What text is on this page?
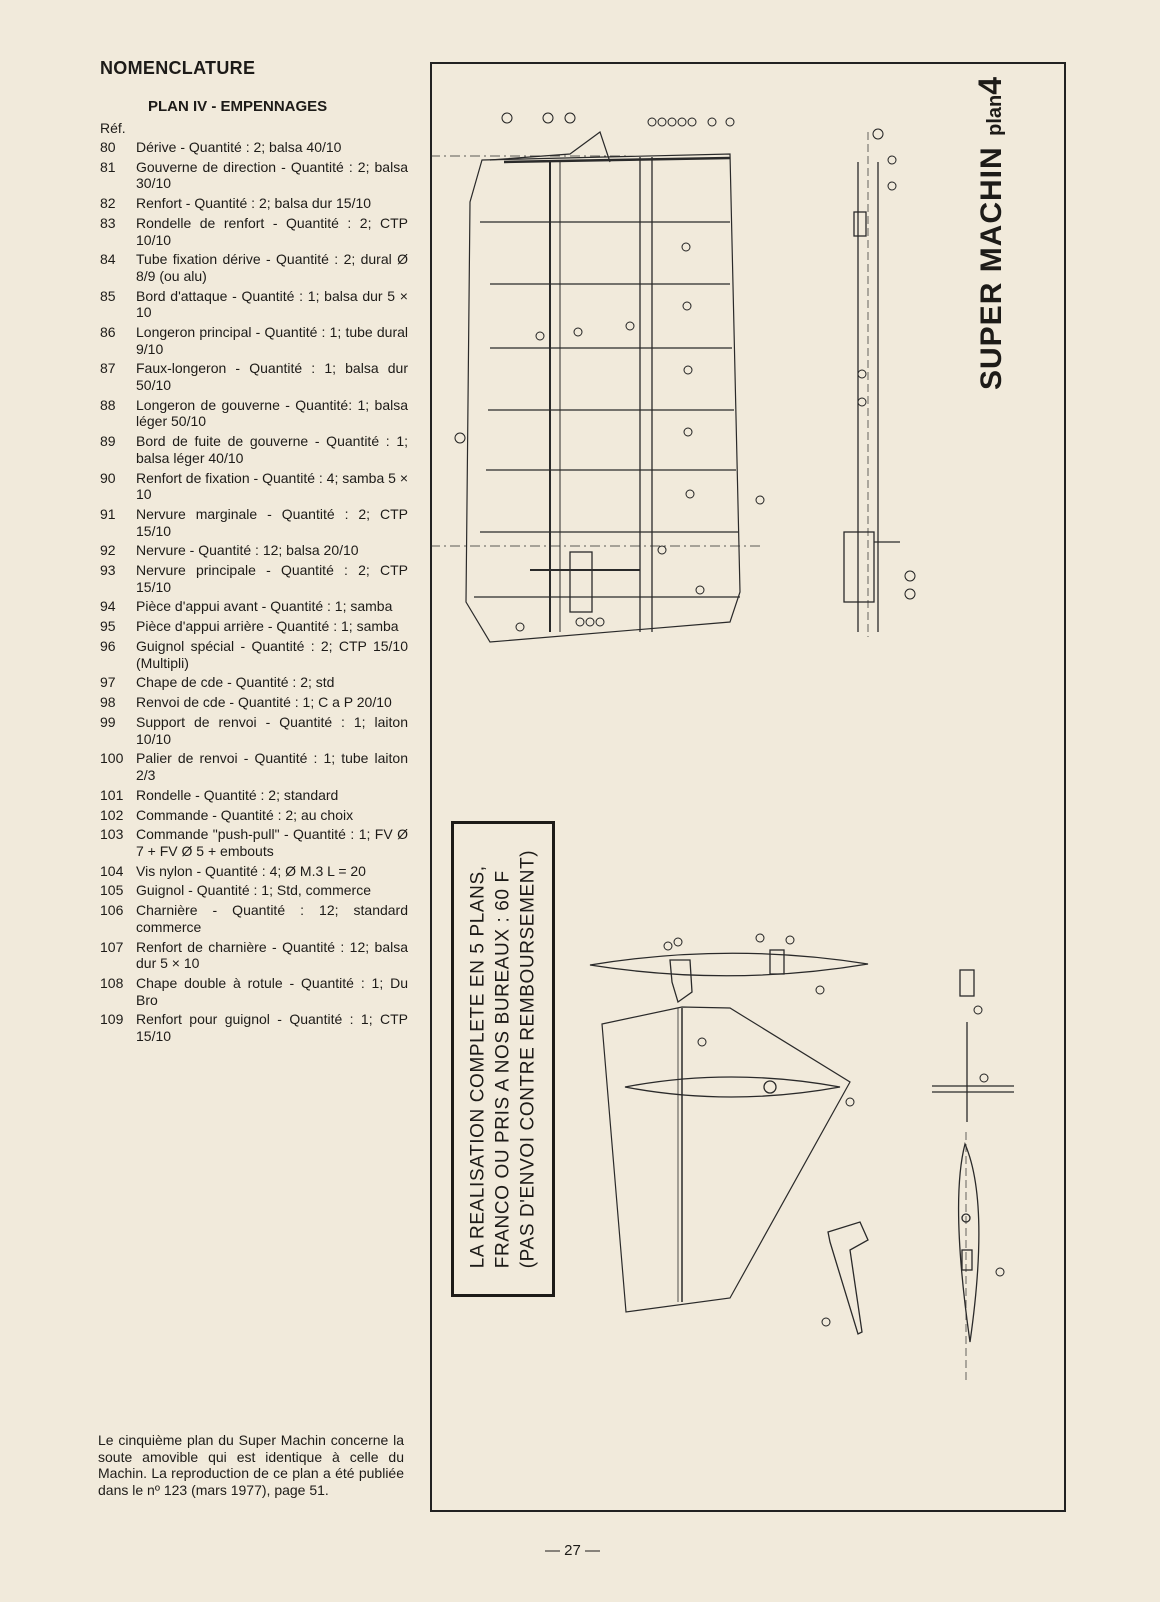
NOMENCLATURE
PLAN IV - EMPENNAGES
Réf.
80	Dérive - Quantité : 2; balsa 40/10
81	Gouverne de direction - Quantité : 2; balsa 30/10
82	Renfort - Quantité : 2; balsa dur 15/10
83	Rondelle de renfort - Quantité : 2; CTP 10/10
84	Tube fixation dérive - Quantité : 2; dural Ø 8/9 (ou alu)
85	Bord d'attaque - Quantité : 1; balsa dur 5 × 10
86	Longeron principal - Quantité : 1; tube dural 9/10
87	Faux-longeron - Quantité : 1; balsa dur 50/10
88	Longeron de gouverne - Quantité: 1; balsa léger 50/10
89	Bord de fuite de gouverne - Quantité : 1; balsa léger 40/10
90	Renfort de fixation - Quantité : 4; samba 5 × 10
91	Nervure marginale - Quantité : 2; CTP 15/10
92	Nervure - Quantité : 12; balsa 20/10
93	Nervure principale - Quantité : 2; CTP 15/10
94	Pièce d'appui avant - Quantité : 1; samba
95	Pièce d'appui arrière - Quantité : 1; samba
96	Guignol spécial - Quantité : 2; CTP 15/10 (Multipli)
97	Chape de cde - Quantité : 2; std
98	Renvoi de cde - Quantité : 1; C a P 20/10
99	Support de renvoi - Quantité : 1; laiton 10/10
100 Palier de renvoi - Quantité : 1; tube laiton 2/3
101 Rondelle - Quantité : 2; standard
102 Commande - Quantité : 2; au choix
103 Commande "push-pull" - Quantité : 1; FV Ø 7 + FV Ø 5 + embouts
104 Vis nylon - Quantité : 4; Ø M.3 L = 20
105 Guignol - Quantité : 1; Std, commerce
106 Charnière - Quantité : 12; standard commerce
107 Renfort de charnière - Quantité : 12; balsa dur 5 × 10
108 Chape double à rotule - Quantité : 1; Du Bro
109 Renfort pour guignol - Quantité : 1; CTP 15/10
Le cinquième plan du Super Machin concerne la soute amovible qui est identique à celle du Machin. La reproduction de ce plan a été publiée dans le nº 123 (mars 1977), page 51.
SUPER MACHIN plan4
LA REALISATION COMPLETE EN 5 PLANS, FRANCO OU PRIS A NOS BUREAUX : 60 F (PAS D'ENVOI CONTRE REMBOURSEMENT)
— 27 —
